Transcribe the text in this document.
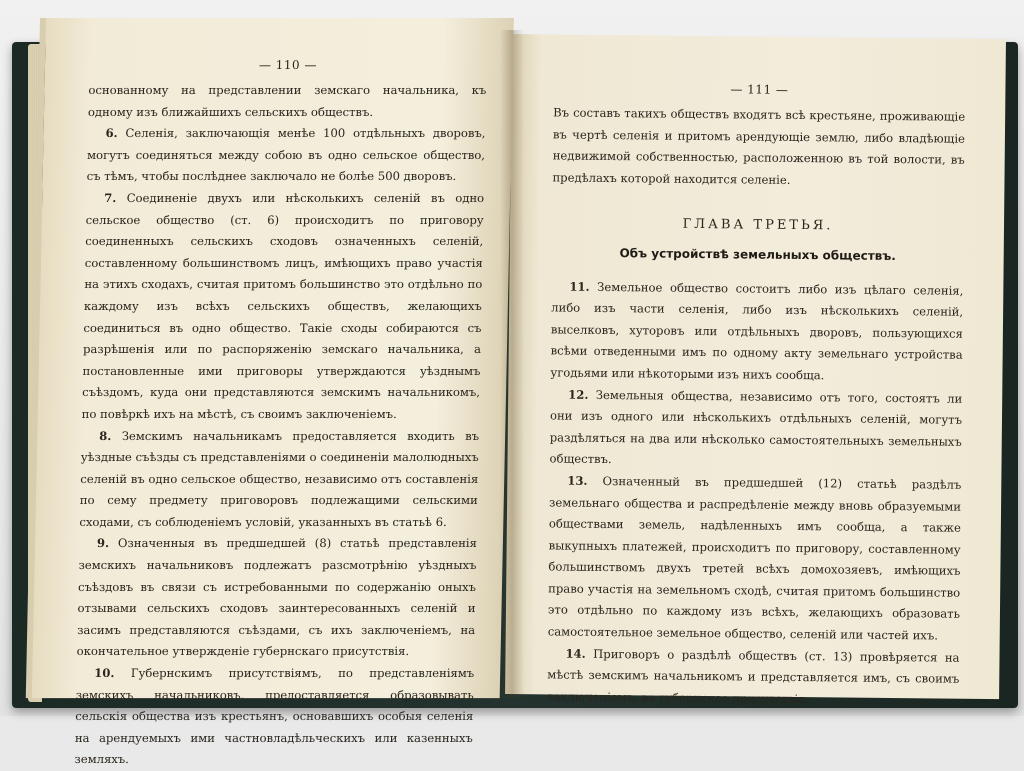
— 110 —

основанному на представлении земскаго начальника, къ одному изъ ближайшихъ сельскихъ обществъ.

6. Селенія, заключающія менѣе 100 отдѣльныхъ дворовъ, могутъ соединяться между собою въ одно сельское общество, съ тѣмъ, чтобы послѣднее заключало не болѣе 500 дворовъ.

7. Соединеніе двухъ или нѣсколькихъ селеній въ одно сельское общество (ст. 6) происходитъ по приговору соединенныхъ сельскихъ сходовъ означенныхъ селеній, составленному большинствомъ лицъ, имѣющихъ право участія на этихъ сходахъ, считая притомъ большинство это отдѣльно по каждому изъ всѣхъ сельскихъ обществъ, желающихъ соединиться въ одно общество. Такіе сходы собираются съ разрѣшенія или по распоряженію земскаго начальника, а постановленные ими приговоры утверждаются уѣзднымъ съѣздомъ, куда они представляются земскимъ начальникомъ, по повѣркѣ ихъ на мѣстѣ, съ своимъ заключеніемъ.

8. Земскимъ начальникамъ предоставляется входить въ уѣздные съѣзды съ представленіями о соединеніи малолюдныхъ селеній въ одно сельское общество, независимо отъ составленія по сему предмету приговоровъ подлежащими сельскими сходами, съ соблюденіемъ условій, указанныхъ въ статьѣ 6.

9. Означенныя въ предшедшей (8) статьѣ представленія земскихъ начальниковъ подлежатъ разсмотрѣнію уѣздныхъ съѣздовъ въ связи съ истребованными по содержанію оныхъ отзывами сельскихъ сходовъ заинтересованныхъ селеній и засимъ представляются съѣздами, съ ихъ заключеніемъ, на окончательное утвержденіе губернскаго присутствія.

10. Губернскимъ присутствіямъ, по представленіямъ земскихъ начальниковъ, предоставляется образовывать сельскія общества изъ крестьянъ, основавшихъ особыя селенія на арендуемыхъ ими частновладѣльческихъ или казенныхъ земляхъ.

— 111 —

Въ составъ такихъ обществъ входятъ всѣ крестьяне, проживающіе въ чертѣ селенія и притомъ арендующіе землю, либо владѣющіе недвижимой собственностью, расположенною въ той волости, въ предѣлахъ которой находится селеніе.

ГЛАВА ТРЕТЬЯ.
Объ устройствѣ земельныхъ обществъ.

11. Земельное общество состоитъ либо изъ цѣлаго селенія, либо изъ части селенія, либо изъ нѣсколькихъ селеній, выселковъ, хуторовъ или отдѣльныхъ дворовъ, пользующихся всѣми отведенными имъ по одному акту земельнаго устройства угодьями или нѣкоторыми изъ нихъ сообща.

12. Земельныя общества, независимо отъ того, состоятъ ли они изъ одного или нѣсколькихъ отдѣльныхъ селеній, могутъ раздѣляться на два или нѣсколько самостоятельныхъ земельныхъ обществъ.

13. Означенный въ предшедшей (12) статьѣ раздѣлъ земельнаго общества и распредѣленіе между вновь образуемыми обществами земель, надѣленныхъ имъ сообща, а также выкупныхъ платежей, происходитъ по приговору, составленному большинствомъ двухъ третей всѣхъ домохозяевъ, имѣющихъ право участія на земельномъ сходѣ, считая притомъ большинство это отдѣльно по каждому изъ всѣхъ, желающихъ образовать самостоятельное земельное общество, селеній или частей ихъ.

14. Приговоръ о раздѣлѣ обществъ (ст. 13) провѣряется на мѣстѣ земскимъ начальникомъ и представляется имъ, съ своимъ заключеніемъ, въ губернское присутствіе.
